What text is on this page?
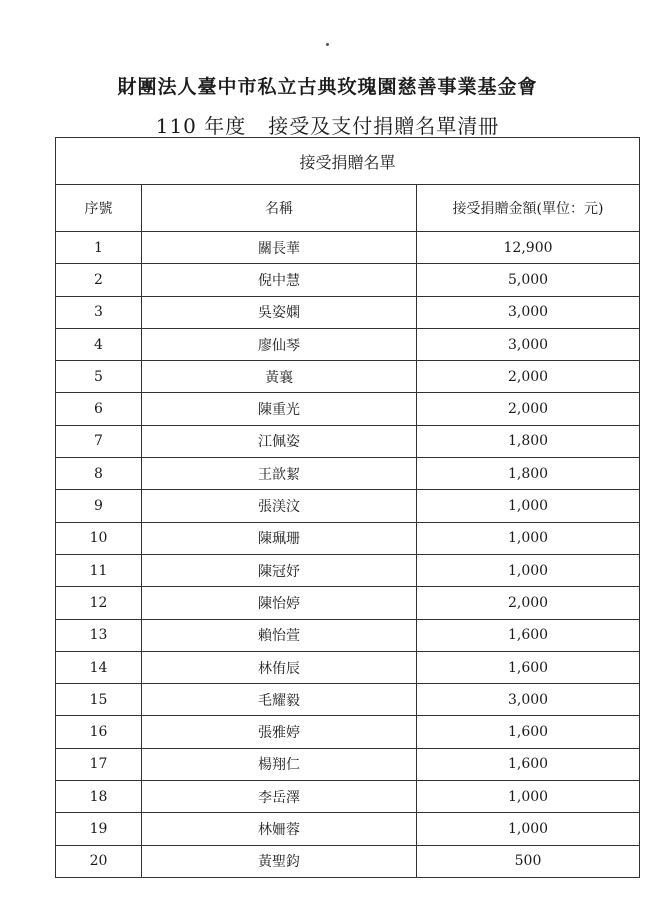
財團法人臺中市私立古典玫瑰園慈善事業基金會
110 年度 接受及支付捐贈名單清冊
接受捐贈名單		
序號	名稱	接受捐贈金額(單位：元)
1	關長華	12,900
2	倪中慧	5,000
3	吳姿嫻	3,000
4	廖仙琴	3,000
5	黃襄	2,000
6	陳重光	2,000
7	江佩姿	1,800
8	王歆絜	1,800
9	張渼汶	1,000
10	陳珮珊	1,000
11	陳冠妤	1,000
12	陳怡婷	2,000
13	賴怡萱	1,600
14	林侑辰	1,600
15	毛耀毅	3,000
16	張雅婷	1,600
17	楊翔仁	1,600
18	李岳澤	1,000
19	林姍蓉	1,000
20	黃聖鈞	500
